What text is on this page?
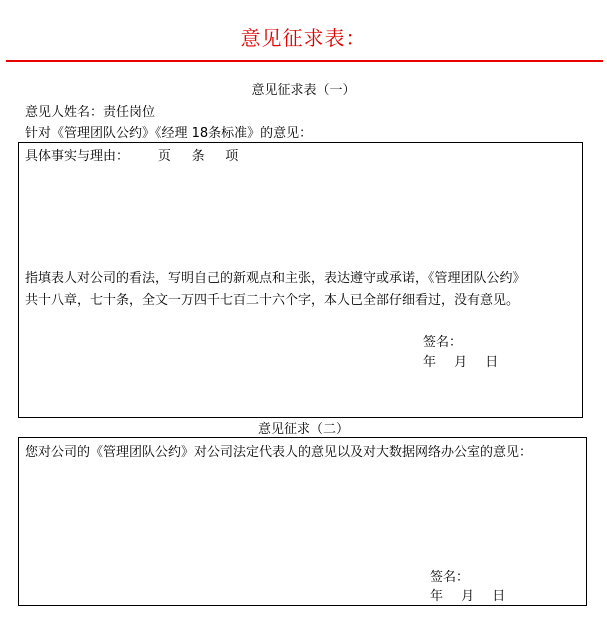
意见征求表：
意见征求表（一）
意见人姓名：责任岗位
针对《管理团队公约》《经理 18条标准》的意见：
具体事实与理由：       页     条     项
指填表人对公司的看法，写明自己的新观点和主张，表达遵守或承诺，《管理团队公约》
共十八章，七十条，全文一万四千七百二十六个字，本人已全部仔细看过，没有意见。
签名：
年 月 日
意见征求（二）
您对公司的《管理团队公约》对公司法定代表人的意见以及对大数据网络办公室的意见：
签名：
年 月 日
